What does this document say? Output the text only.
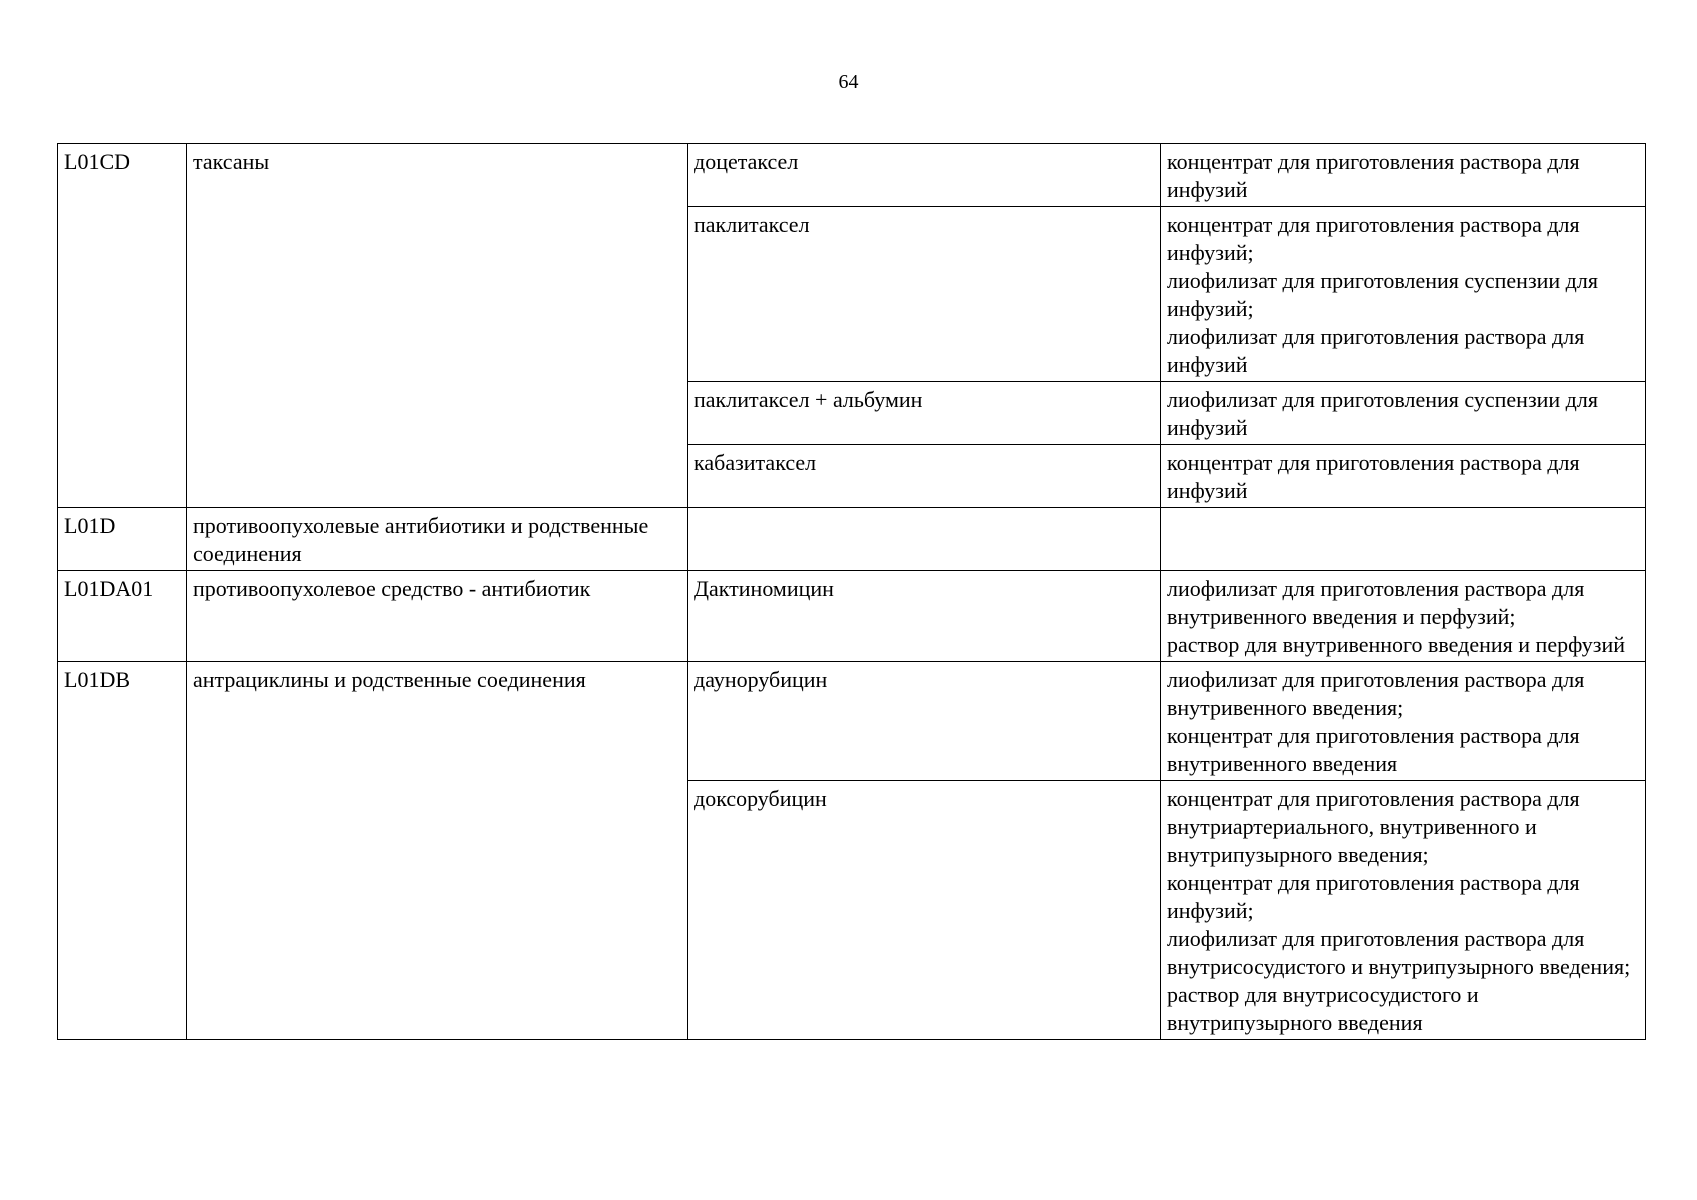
64
L01CD	таксаны	доцетаксел	концентрат для приготовления раствора для инфузий

		паклитаксел	концентрат для приготовления раствора для инфузий;
лиофилизат для приготовления суспензии для инфузий;
лиофилизат для приготовления раствора для инфузий

		паклитаксел + альбумин	лиофилизат для приготовления суспензии для инфузий

		кабазитаксел	концентрат для приготовления раствора для инфузий

L01D	противоопухолевые антибиотики и родственные соединения		
L01DA01	противоопухолевое средство - антибиотик	Дактиномицин	лиофилизат для приготовления раствора для внутривенного введения и перфузий;
раствор для внутривенного введения и перфузий

L01DB	антрациклины и родственные соединения	даунорубицин	лиофилизат для приготовления раствора для внутривенного введения;
концентрат для приготовления раствора для внутривенного введения

		доксорубицин	концентрат для приготовления раствора для внутриартериального, внутривенного и внутрипузырного введения;
концентрат для приготовления раствора для инфузий;
лиофилизат для приготовления раствора для внутрисосудистого и внутрипузырного введения;
раствор для внутрисосудистого и внутрипузырного введения
